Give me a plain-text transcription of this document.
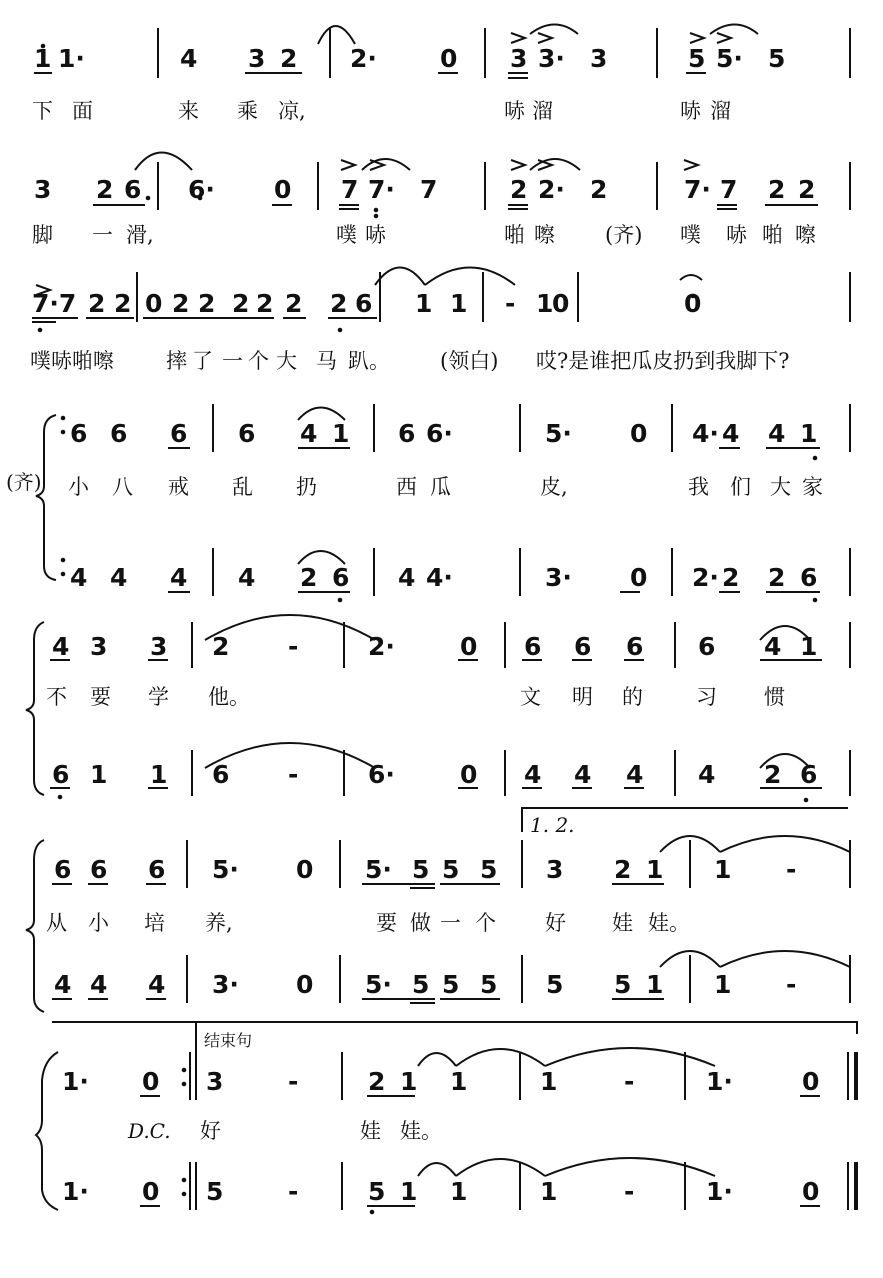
1 1·	4 3 2 2·	0 3 3· 3	5 5· 5
下 面	来 乘 凉,	哧 溜	哧 溜
3 2 6 6· 0 7 7· 7	2 2· 2	7· 7 2 2
脚 一 滑,	噗 哧	啪 嚓 (齐) 噗 哧 啪 嚓
7·7 2 2 0 2 2 2 2 2 2 6 1 1 - 1
0	0
噗哧啪嚓 摔 了 一 个 大 马 趴。 (领白) 哎?是谁把瓜皮扔到我脚下?
(齐)
6 6 6 6 4 1 6 6·	5· 0 4· 4 4 1
小 八 戒 乱 扔	西 瓜	皮,	我 们 大 家
4 4 4 4 2 6 4 4·	3· 0 2· 2 2 6
4 3 3 2 -	2·	0 6 6 6 6 4 1
不 要 学 他。	文 明 的	习 惯
6 1 1 6 -	6·	0 4 4 4 4 2 6
1. 2.
6 6 6 5· 0 5· 5 5 5 3 2 1 1 -
从 小 培 养,	要 做 一 个 好 娃 娃。
4 4 4 3· 0 5· 5 5 5 5 5 1 1 -
结束句
1· 0 3	-	2 1 1	1	-	1·	0
D.C. 好	娃 娃。
1· 0 5	-	5 1 1	1	-	1·	0
